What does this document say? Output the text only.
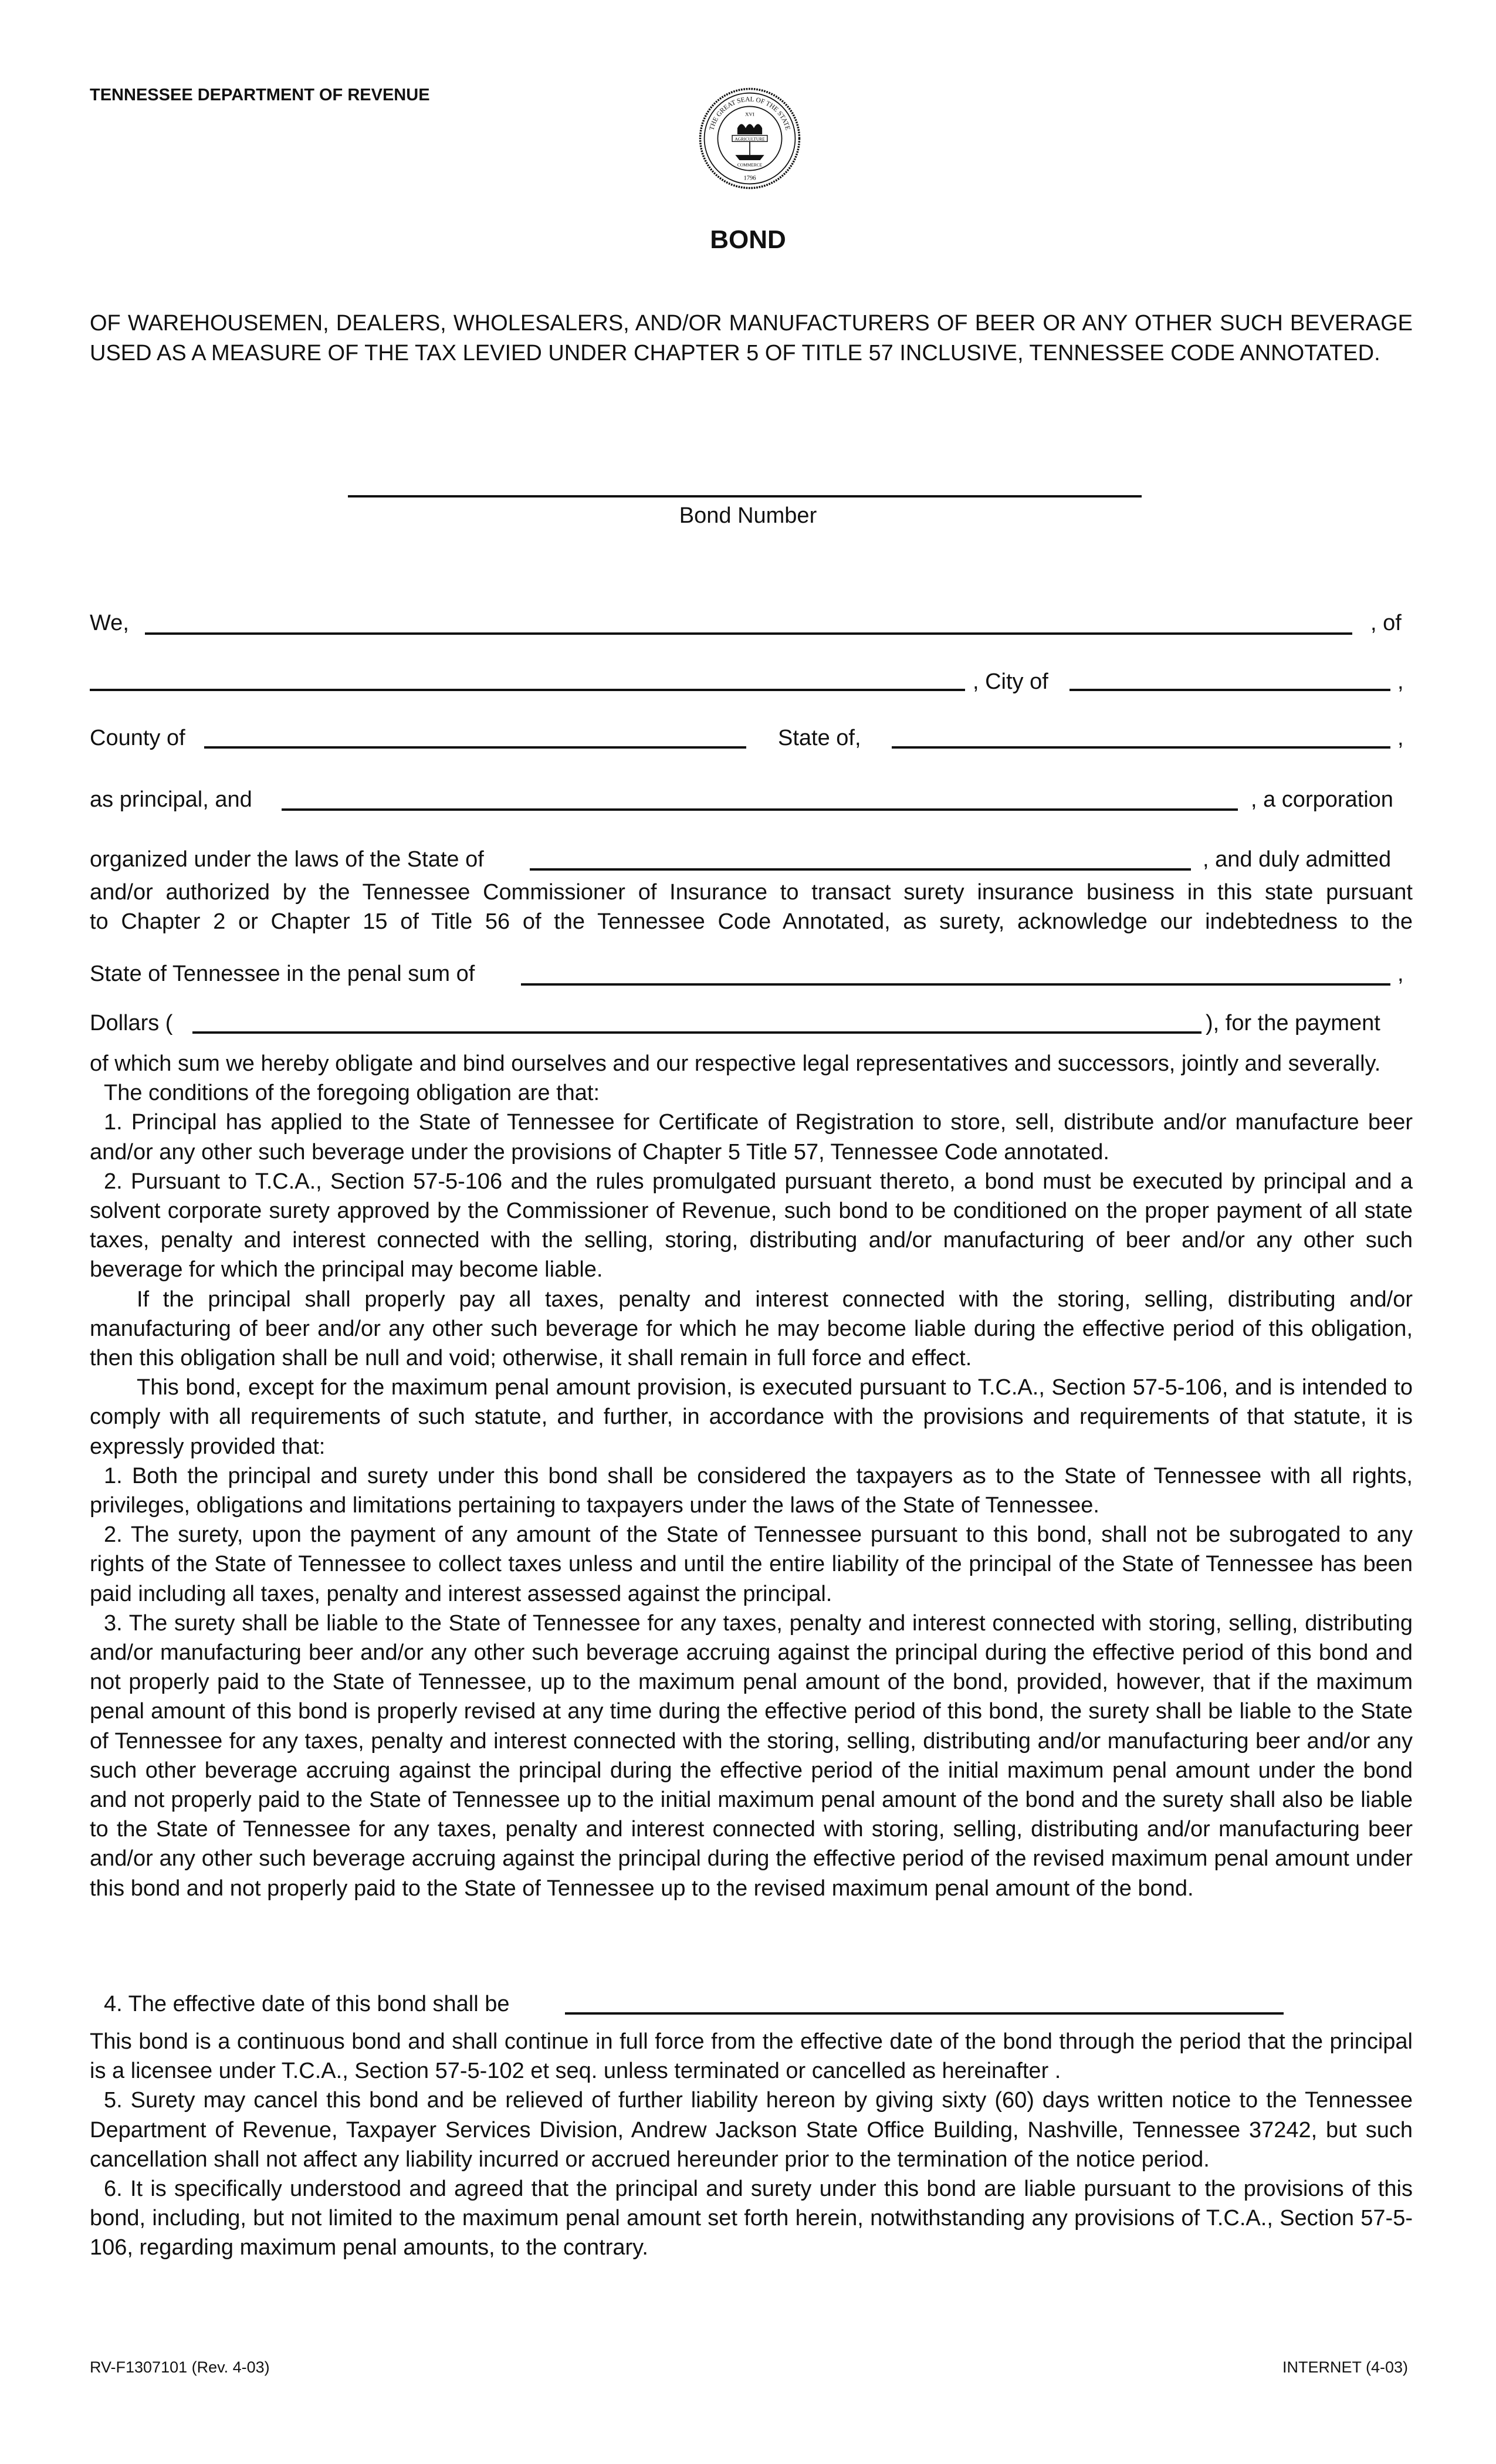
TENNESSEE DEPARTMENT OF REVENUE
THE GREAT SEAL OF THE STATE
1796
XVI
AGRICULTURE
COMMERCE
BOND
OF WAREHOUSEMEN, DEALERS, WHOLESALERS, AND/OR MANUFACTURERS OF BEER OR ANY OTHER SUCH BEVERAGE USED AS A MEASURE OF THE TAX LEVIED UNDER CHAPTER 5 OF TITLE 57 INCLUSIVE, TENNESSEE CODE ANNOTATED.
Bond Number
We,	, of
, City of	,
County of	State of,	,
as principal, and	, a corporation
organized under the laws of the State of	, and duly admitted
and/or authorized by the Tennessee Commissioner of Insurance to transact surety insurance business in this state pursuant
to Chapter 2 or Chapter 15 of Title 56 of the Tennessee Code Annotated, as surety, acknowledge our indebtedness to the
State of Tennessee in the penal sum of	,
Dollars (	), for the payment

of which sum we hereby obligate and bind ourselves and our respective legal representatives and successors, jointly and severally.

The conditions of the foregoing obligation are that:

1. Principal has applied to the State of Tennessee for Certificate of Registration to store, sell, distribute and/or manufacture beer and/or any other such beverage under the provisions of Chapter 5 Title 57, Tennessee Code annotated.

2. Pursuant to T.C.A., Section 57-5-106 and the rules promulgated pursuant thereto, a bond must be executed by principal and a solvent corporate surety approved by the Commissioner of Revenue, such bond to be conditioned on the proper payment of all state taxes, penalty and interest connected with the selling, storing, distributing and/or manufacturing of beer and/or any other such beverage for which the principal may become liable.

If the principal shall properly pay all taxes, penalty and interest connected with the storing, selling, distributing and/or manufacturing of beer and/or any other such beverage for which he may become liable during the effective period of this obligation, then this obligation shall be null and void; otherwise, it shall remain in full force and effect.

This bond, except for the maximum penal amount provision, is executed pursuant to T.C.A., Section 57-5-106, and is intended to comply with all requirements of such statute, and further, in accordance with the provisions and requirements of that statute, it is expressly provided that:

1. Both the principal and surety under this bond shall be considered the taxpayers as to the State of Tennessee with all rights, privileges, obligations and limitations pertaining to taxpayers under the laws of the State of Tennessee.

2. The surety, upon the payment of any amount of the State of Tennessee pursuant to this bond, shall not be subrogated to any rights of the State of Tennessee to collect taxes unless and until the entire liability of the principal of the State of Tennessee has been paid including all taxes, penalty and interest assessed against the principal.

3. The surety shall be liable to the State of Tennessee for any taxes, penalty and interest connected with storing, selling, distributing and/or manufacturing beer and/or any other such beverage accruing against the principal during the effective period of this bond and not properly paid to the State of Tennessee, up to the maximum penal amount of the bond, provided, however, that if the maximum penal amount of this bond is properly revised at any time during the effective period of this bond, the surety shall be liable to the State of Tennessee for any taxes, penalty and interest connected with the storing, selling, distributing and/or manufacturing beer and/or any such other beverage accruing against the principal during the effective period of the initial maximum penal amount under the bond and not properly paid to the State of Tennessee up to the initial maximum penal amount of the bond and the surety shall also be liable to the State of Tennessee for any taxes, penalty and interest connected with storing, selling, distributing and/or manufacturing beer and/or any other such beverage accruing against the principal during the effective period of the revised maximum penal amount under this bond and not properly paid to the State of Tennessee up to the revised maximum penal amount of the bond.

4. The effective date of this bond shall be

This bond is a continuous bond and shall continue in full force from the effective date of the bond through the period that the principal is a licensee under T.C.A., Section 57-5-102 et seq. unless terminated or cancelled as hereinafter .

5. Surety may cancel this bond and be relieved of further liability hereon by giving sixty (60) days written notice to the Tennessee Department of Revenue, Taxpayer Services Division, Andrew Jackson State Office Building, Nashville, Tennessee 37242, but such cancellation shall not affect any liability incurred or accrued hereunder prior to the termination of the notice period.

6. It is specifically understood and agreed that the principal and surety under this bond are liable pursuant to the provisions of this bond, including, but not limited to the maximum penal amount set forth herein, notwithstanding any provisions of T.C.A., Section 57-5-106, regarding maximum penal amounts, to the contrary.

RV-F1307101 (Rev. 4-03)	INTERNET (4-03)
